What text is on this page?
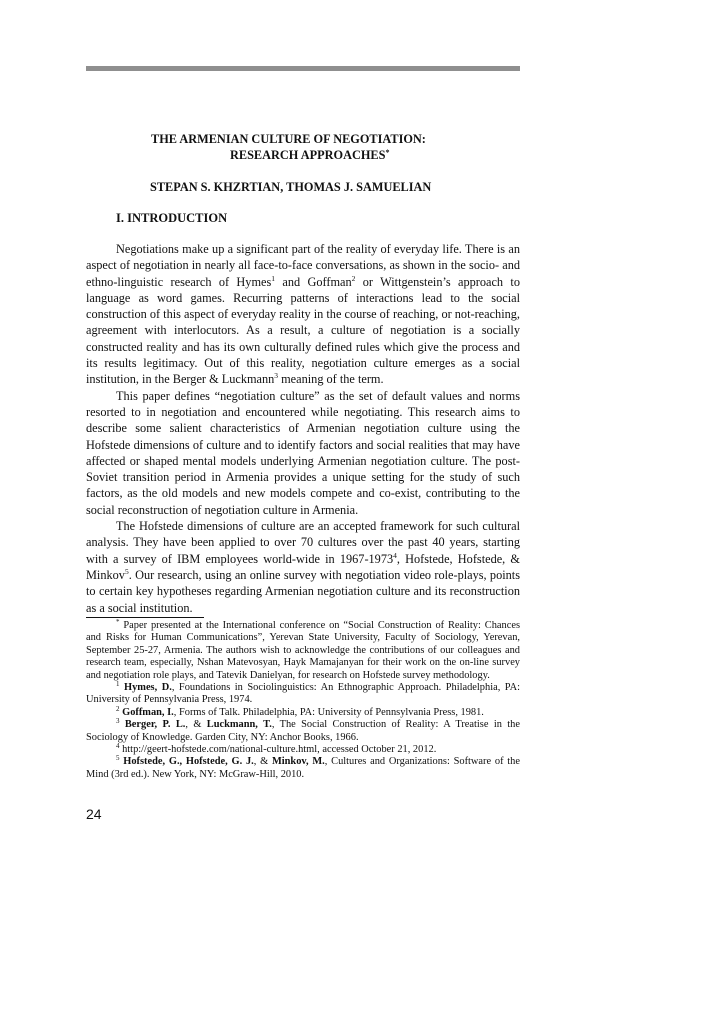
THE ARMENIAN CULTURE OF NEGOTIATION:
RESEARCH APPROACHES*
STEPAN S. KHZRTIAN, THOMAS J. SAMUELIAN
I. INTRODUCTION

Negotiations make up a significant part of the reality of everyday life. There is an aspect of negotiation in nearly all face-to-face conversations, as shown in the socio- and ethno-linguistic research of Hymes$^1$ and Goffman$^2$ or Wittgenstein’s approach to language as word games. Recurring patterns of interactions lead to the social construction of this aspect of everyday reality in the course of reaching, or not-reaching, agreement with interlocutors. As a result, a culture of negotiation is a socially constructed reality and has its own culturally defined rules which give the process and its results legitimacy. Out of this reality, negotiation culture emerges as a social institution, in the Berger & Luckmann$^3$ meaning of the term.

This paper defines “negotiation culture” as the set of default values and norms resorted to in negotiation and encountered while negotiating. This research aims to describe some salient characteristics of Armenian negotiation culture using the Hofstede dimensions of culture and to identify factors and social realities that may have affected or shaped mental models underlying Armenian negotiation culture. The post-Soviet transition period in Armenia provides a unique setting for the study of such factors, as the old models and new models compete and co-exist, contributing to the social reconstruction of negotiation culture in Armenia.

The Hofstede dimensions of culture are an accepted framework for such cultural analysis. They have been applied to over 70 cultures over the past 40 years, starting with a survey of IBM employees world-wide in 1967-1973$^4$, Hofstede, Hofstede, & Minkov$^5$. Our research, using an online survey with negotiation video role-plays, points to certain key hypotheses regarding Armenian negotiation culture and its reconstruction as a social institution.

* Paper presented at the International conference on “Social Construction of Reality: Chances and Risks for Human Communications”, Yerevan State University, Faculty of Sociology, Yerevan, September 25-27, Armenia. The authors wish to acknowledge the contributions of our colleagues and research team, especially, Nshan Matevosyan, Hayk Mamajanyan for their work on the on-line survey and negotiation role plays, and Tatevik Danielyan, for research on Hofstede survey methodology.

$^1$ Hymes, D., Foundations in Sociolinguistics: An Ethnographic Approach. Philadelphia, PA: University of Pennsylvania Press, 1974.

$^2$ Goffman, I., Forms of Talk. Philadelphia, PA: University of Pennsylvania Press, 1981.

$^3$ Berger, P. L., & Luckmann, T., The Social Construction of Reality: A Treatise in the Sociology of Knowledge. Garden City, NY: Anchor Books, 1966.

$^4$ http://geert-hofstede.com/national-culture.html, accessed October 21, 2012.

$^5$ Hofstede, G., Hofstede, G. J., & Minkov, M., Cultures and Organizations: Software of the Mind (3rd ed.). New York, NY: McGraw-Hill, 2010.

24
